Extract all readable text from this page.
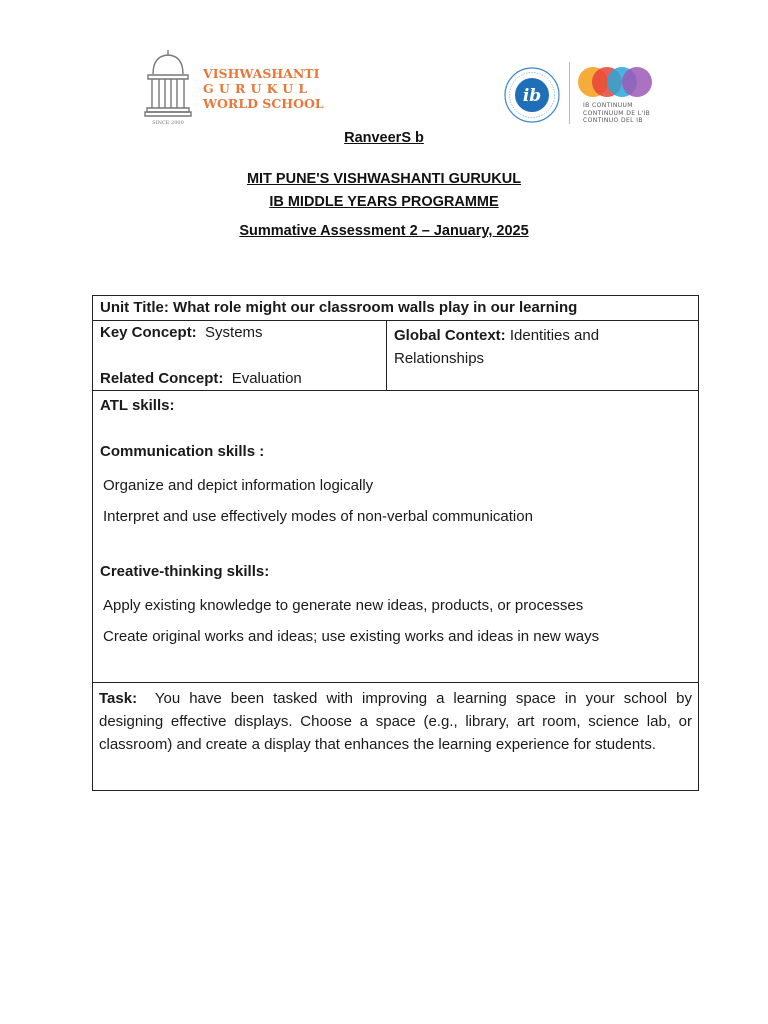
SINCE 2000
VISHWASHANTI
GURUKUL
WORLD SCHOOL	ib	IB CONTINUUM
CONTINUUM DE L'IB
CONTINUO DEL IB
RanveerS b
MIT PUNE'S VISHWASHANTI GURUKUL
IB MIDDLE YEARS PROGRAMME
Summative Assessment 2 – January, 2025
Unit Title: What role might our classroom walls play in our learning
Key Concept: Systems
Related Concept: Evaluation
Global Context: Identities and Relationships
ATL skills:
Communication skills :
Organize and depict information logically
Interpret and use effectively modes of non-verbal communication
Creative-thinking skills:
Apply existing knowledge to generate new ideas, products, or processes
Create original works and ideas; use existing works and ideas in new ways
Task: You have been tasked with improving a learning space in your school by designing effective displays. Choose a space (e.g., library, art room, science lab, or classroom) and create a display that enhances the learning experience for students.
